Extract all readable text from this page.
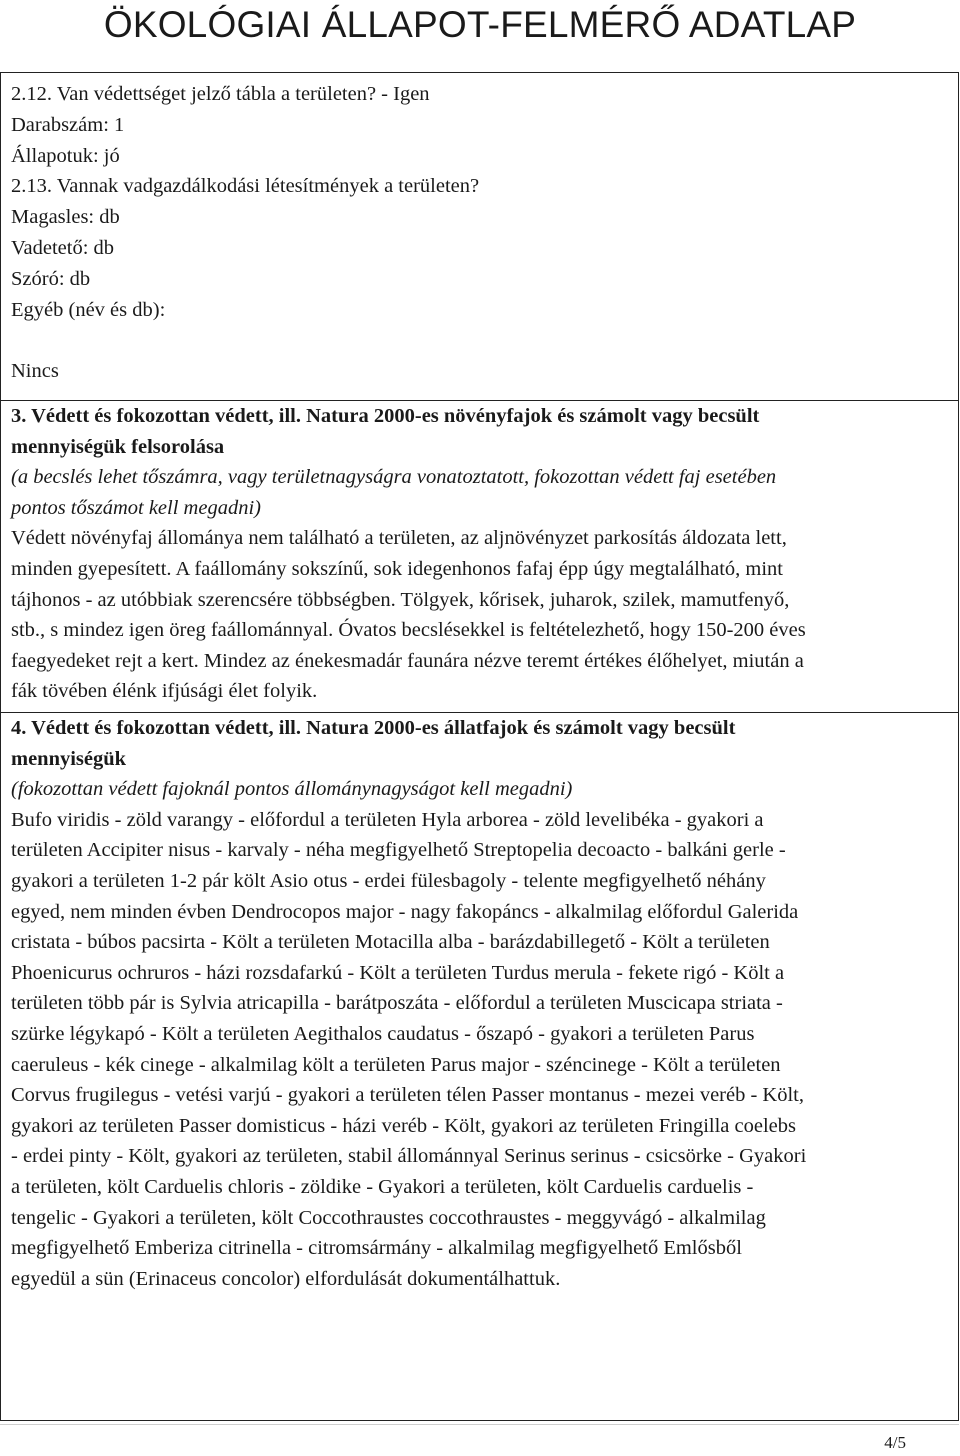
ÖKOLÓGIAI ÁLLAPOT-FELMÉRŐ ADATLAP
2.12. Van védettséget jelző tábla a területen? - Igen
Darabszám: 1
Állapotuk: jó
2.13. Vannak vadgazdálkodási létesítmények a területen?
Magasles: db
Vadetető: db
Szóró: db
Egyéb (név és db):
Nincs
3. Védett és fokozottan védett, ill. Natura 2000-es növényfajok és számolt vagy becsült
mennyiségük felsorolása
(a becslés lehet tőszámra, vagy területnagyságra vonatoztatott, fokozottan védett faj esetében
pontos tőszámot kell megadni)
Védett növényfaj állománya nem található a területen, az aljnövényzet parkosítás áldozata lett,
minden gyepesített. A faállomány sokszínű, sok idegenhonos fafaj épp úgy megtalálható, mint
tájhonos - az utóbbiak szerencsére többségben. Tölgyek, kőrisek, juharok, szilek, mamutfenyő,
stb., s mindez igen öreg faállománnyal. Óvatos becslésekkel is feltételezhető, hogy 150-200 éves
faegyedeket rejt a kert. Mindez az énekesmadár faunára nézve teremt értékes élőhelyet, miután a
fák tövében élénk ifjúsági élet folyik.
4. Védett és fokozottan védett, ill. Natura 2000-es állatfajok és számolt vagy becsült
mennyiségük
(fokozottan védett fajoknál pontos állománynagyságot kell megadni)
Bufo viridis - zöld varangy - előfordul a területen Hyla arborea - zöld levelibéka - gyakori a
területen Accipiter nisus - karvaly - néha megfigyelhető Streptopelia decoacto - balkáni gerle -
gyakori a területen 1-2 pár költ Asio otus - erdei fülesbagoly - telente megfigyelhető néhány
egyed, nem minden évben Dendrocopos major - nagy fakopáncs - alkalmilag előfordul Galerida
cristata - búbos pacsirta - Költ a területen Motacilla alba - barázdabillegető - Költ a területen
Phoenicurus ochruros - házi rozsdafarkú - Költ a területen Turdus merula - fekete rigó - Költ a
területen több pár is Sylvia atricapilla - barátposzáta - előfordul a területen Muscicapa striata -
szürke légykapó - Költ a területen Aegithalos caudatus - őszapó - gyakori a területen Parus
caeruleus - kék cinege - alkalmilag költ a területen Parus major - széncinege - Költ a területen
Corvus frugilegus - vetési varjú - gyakori a területen télen Passer montanus - mezei veréb - Költ,
gyakori az területen Passer domisticus - házi veréb - Költ, gyakori az területen Fringilla coelebs
- erdei pinty - Költ, gyakori az területen, stabil állománnyal Serinus serinus - csicsörke - Gyakori
a területen, költ Carduelis chloris - zöldike - Gyakori a területen, költ Carduelis carduelis -
tengelic - Gyakori a területen, költ Coccothraustes coccothraustes - meggyvágó - alkalmilag
megfigyelhető Emberiza citrinella - citromsármány - alkalmilag megfigyelhető Emlősből
egyedül a sün (Erinaceus concolor) elfordulását dokumentálhattuk.
4/5
